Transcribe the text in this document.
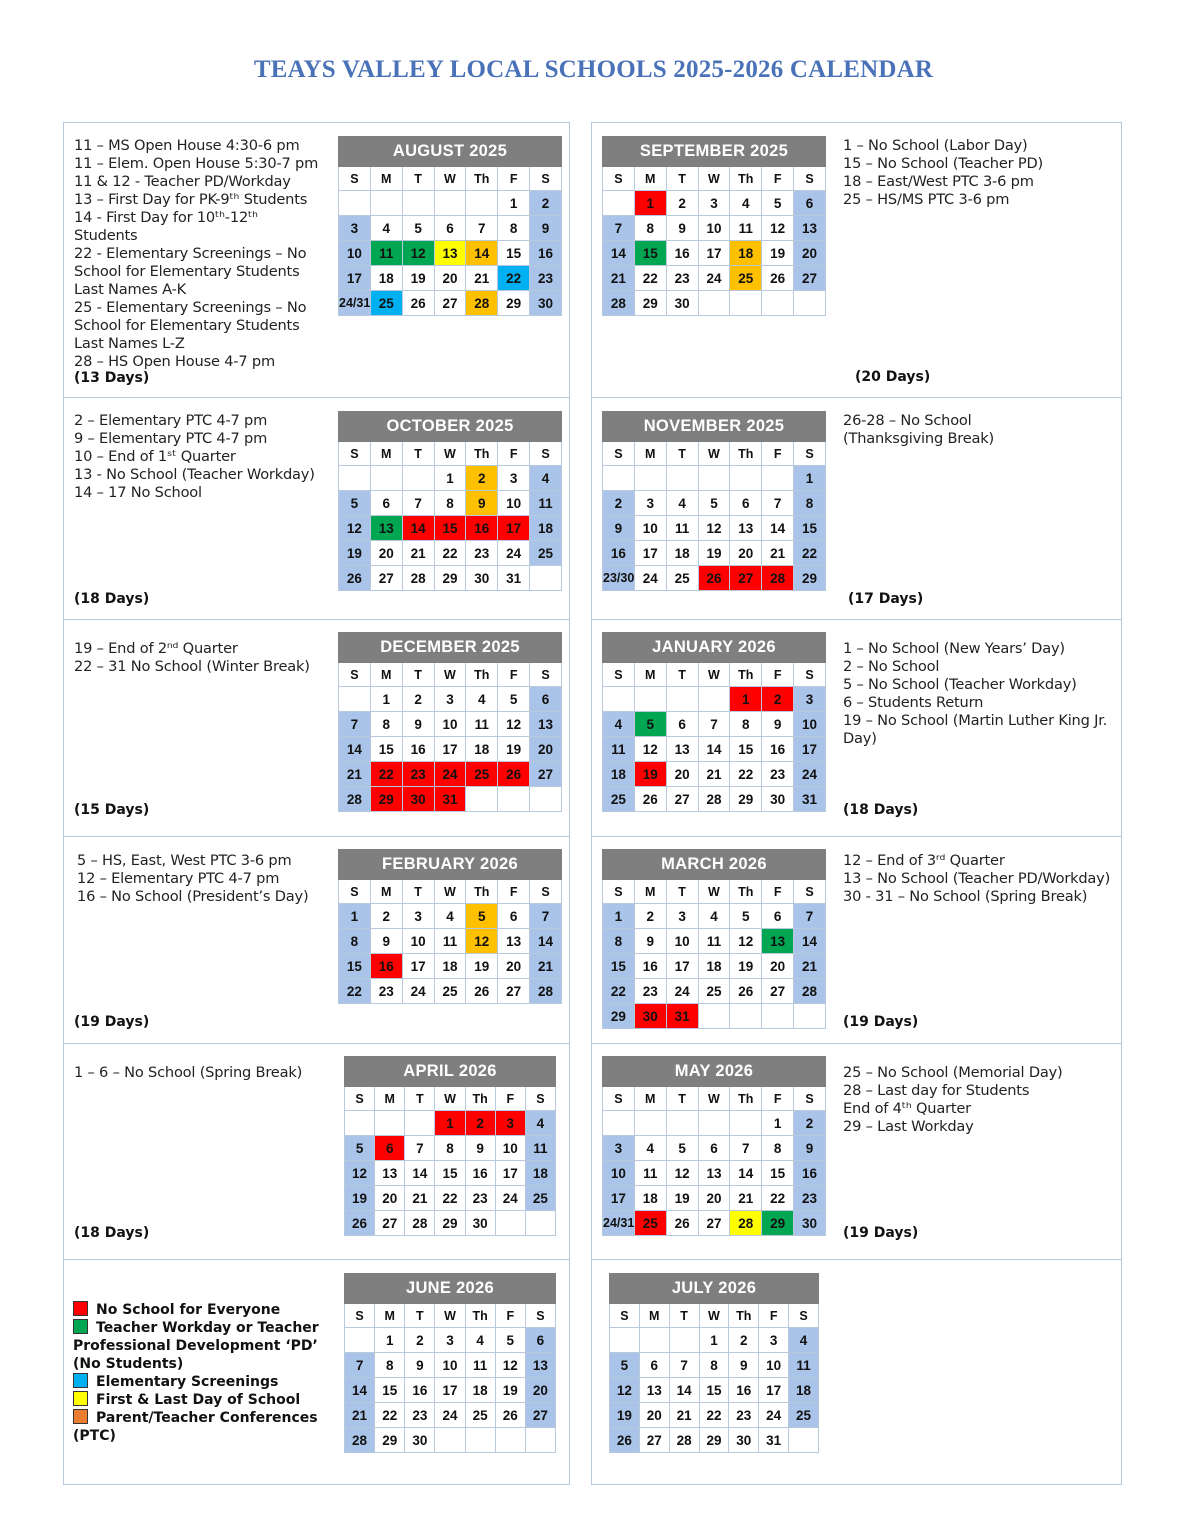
TEAYS VALLEY LOCAL SCHOOLS 2025-2026 CALENDAR
AUGUST 2025						
S	M	T	W	Th	F	S
					1	2
3	4	5	6	7	8	9
10	11	12	13	14	15	16
17	18	19	20	21	22	23
24/31	25	26	27	28	29	30
SEPTEMBER 2025						
S	M	T	W	Th	F	S
	1	2	3	4	5	6
7	8	9	10	11	12	13
14	15	16	17	18	19	20
21	22	23	24	25	26	27
28	29	30				
OCTOBER 2025						
S	M	T	W	Th	F	S
			1	2	3	4
5	6	7	8	9	10	11
12	13	14	15	16	17	18
19	20	21	22	23	24	25
26	27	28	29	30	31	
NOVEMBER 2025						
S	M	T	W	Th	F	S
						1
2	3	4	5	6	7	8
9	10	11	12	13	14	15
16	17	18	19	20	21	22
23/30	24	25	26	27	28	29
DECEMBER 2025						
S	M	T	W	Th	F	S
	1	2	3	4	5	6
7	8	9	10	11	12	13
14	15	16	17	18	19	20
21	22	23	24	25	26	27
28	29	30	31			
JANUARY 2026						
S	M	T	W	Th	F	S
				1	2	3
4	5	6	7	8	9	10
11	12	13	14	15	16	17
18	19	20	21	22	23	24
25	26	27	28	29	30	31
FEBRUARY 2026						
S	M	T	W	Th	F	S
1	2	3	4	5	6	7
8	9	10	11	12	13	14
15	16	17	18	19	20	21
22	23	24	25	26	27	28
MARCH 2026						
S	M	T	W	Th	F	S
1	2	3	4	5	6	7
8	9	10	11	12	13	14
15	16	17	18	19	20	21
22	23	24	25	26	27	28
29	30	31				
APRIL 2026						
S	M	T	W	Th	F	S
			1	2	3	4
5	6	7	8	9	10	11
12	13	14	15	16	17	18
19	20	21	22	23	24	25
26	27	28	29	30		
MAY 2026						
S	M	T	W	Th	F	S
					1	2
3	4	5	6	7	8	9
10	11	12	13	14	15	16
17	18	19	20	21	22	23
24/31	25	26	27	28	29	30
JUNE 2026						
S	M	T	W	Th	F	S
	1	2	3	4	5	6
7	8	9	10	11	12	13
14	15	16	17	18	19	20
21	22	23	24	25	26	27
28	29	30				
JULY 2026						
S	M	T	W	Th	F	S
			1	2	3	4
5	6	7	8	9	10	11
12	13	14	15	16	17	18
19	20	21	22	23	24	25
26	27	28	29	30	31	
11 – MS Open House 4:30-6 pm
11 – Elem. Open House 5:30-7 pm
11 & 12 - Teacher PD/Workday
13 – First Day for PK-9ᵗʰ Students
14 - First Day for 10ᵗʰ-12ᵗʰ Students
22 - Elementary Screenings – No School for Elementary Students Last Names A-K
25 - Elementary Screenings – No School for Elementary Students Last Names L-Z
28 – HS Open House 4-7 pm
1 – No School (Labor Day)
15 – No School (Teacher PD)
18 – East/West PTC 3-6 pm
25 – HS/MS PTC 3-6 pm
2 – Elementary PTC 4-7 pm
9 – Elementary PTC 4-7 pm
10 – End of 1ˢᵗ Quarter
13 - No School (Teacher Workday)
14 – 17 No School
26-28 – No School (Thanksgiving Break)
19 – End of 2ⁿᵈ Quarter
22 – 31 No School (Winter Break)
1 – No School (New Years’ Day)
2 – No School
5 – No School (Teacher Workday)
6 – Students Return
19 – No School (Martin Luther King Jr. Day)
5 – HS, East, West PTC 3-6 pm
12 – Elementary PTC 4-7 pm
16 – No School (President’s Day)
12 – End of 3ʳᵈ Quarter
13 – No School (Teacher PD/Workday)
30 - 31 – No School (Spring Break)
1 – 6 – No School (Spring Break)	25 – No School (Memorial Day)
28 – Last day for Students
End of 4ᵗʰ Quarter
29 – Last Workday
(13 Days)	(20 Days)
(18 Days)	(17 Days)
(15 Days)	(18 Days)
(19 Days)	(19 Days)
(18 Days)	(19 Days)
No School for Everyone
Teacher Workday or Teacher Professional Development ‘PD’ (No Students)
Elementary Screenings
First & Last Day of School
Parent/Teacher Conferences (PTC)
